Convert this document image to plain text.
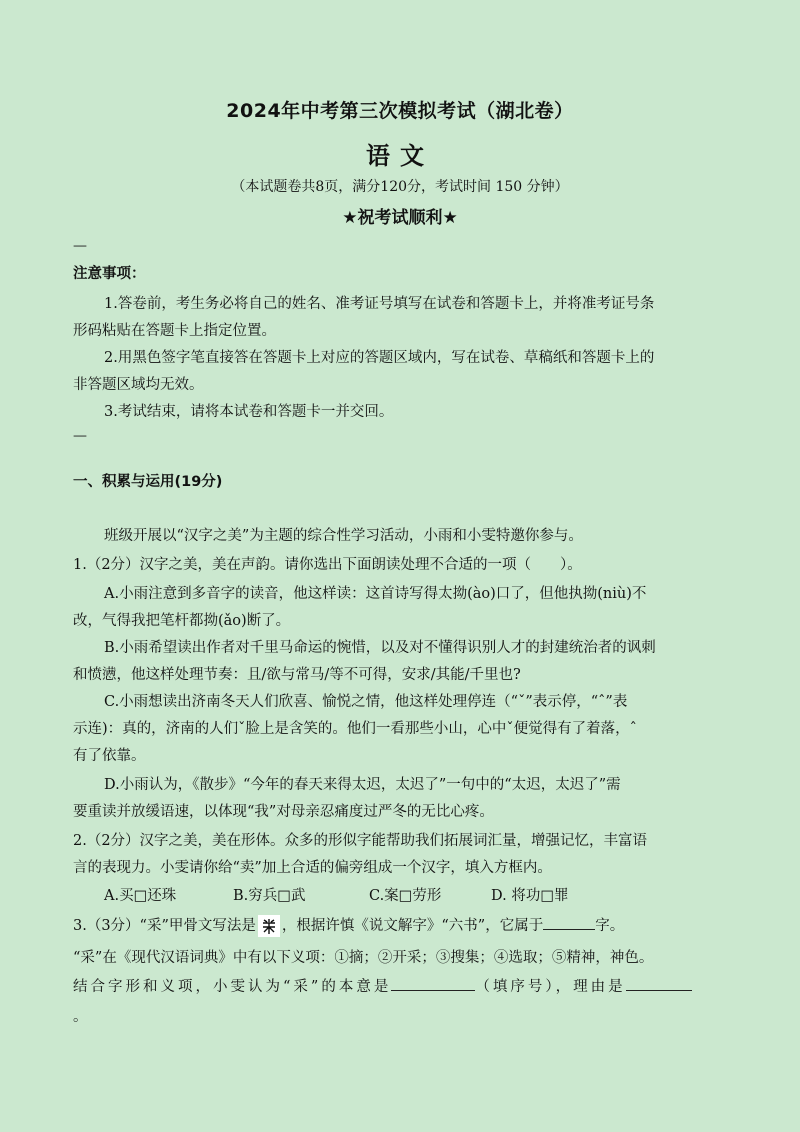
2024年中考第三次模拟考试（湖北卷）
语文
（本试题卷共8页，满分120分，考试时间 150 分钟）
★祝考试顺利★
—
注意事项：
1.答卷前，考生务必将自己的姓名、准考证号填写在试卷和答题卡上，并将准考证号条
形码粘贴在答题卡上指定位置。
2.用黑色签字笔直接答在答题卡上对应的答题区域内，写在试卷、草稿纸和答题卡上的
非答题区域均无效。
3.考试结束，请将本试卷和答题卡一并交回。
—
一、积累与运用(19分)
班级开展以“汉字之美”为主题的综合性学习活动，小雨和小雯特邀你参与。
1.（2分）汉字之美，美在声韵。请你选出下面朗读处理不合适的一项（　　）。
A.小雨注意到多音字的读音，他这样读：这首诗写得太拗(ào)口了，但他执拗(niù)不
改，气得我把笔杆都拗(ǎo)断了。
B.小雨希望读出作者对千里马命运的惋惜，以及对不懂得识别人才的封建统治者的讽刺
和愤懑，他这样处理节奏：且/欲与常马/等不可得，安求/其能/千里也?
C.小雨想读出济南冬天人们欣喜、愉悦之情，他这样处理停连（“ˇ”表示停，“ˆ”表
示连)：真的，济南的人们ˇ脸上是含笑的。他们一看那些小山，心中ˇ便觉得有了着落，ˆ
有了依靠。
D.小雨认为，《散步》“今年的春天来得太迟，太迟了”一句中的“太迟，太迟了”需
要重读并放缓语速，以体现“我”对母亲忍痛度过严冬的无比心疼。
2.（2分）汉字之美，美在形体。众多的形似字能帮助我们拓展词汇量，增强记忆，丰富语
言的表现力。小雯请你给“卖”加上合适的偏旁组成一个汉字，填入方框内。
A.买□还珠	B.穷兵□武	C.案□劳形	D. 将功□罪
3.（3分）“采”甲骨文写法是 ，根据许慎《说文解字》“六书”，它属于	字。
“采”在《现代汉语词典》中有以下义项：①摘；②开采；③搜集；④选取；⑤精神，神色。
结合字形和义项，小雯认为“采”的本意是	（填序号），理由是
。
